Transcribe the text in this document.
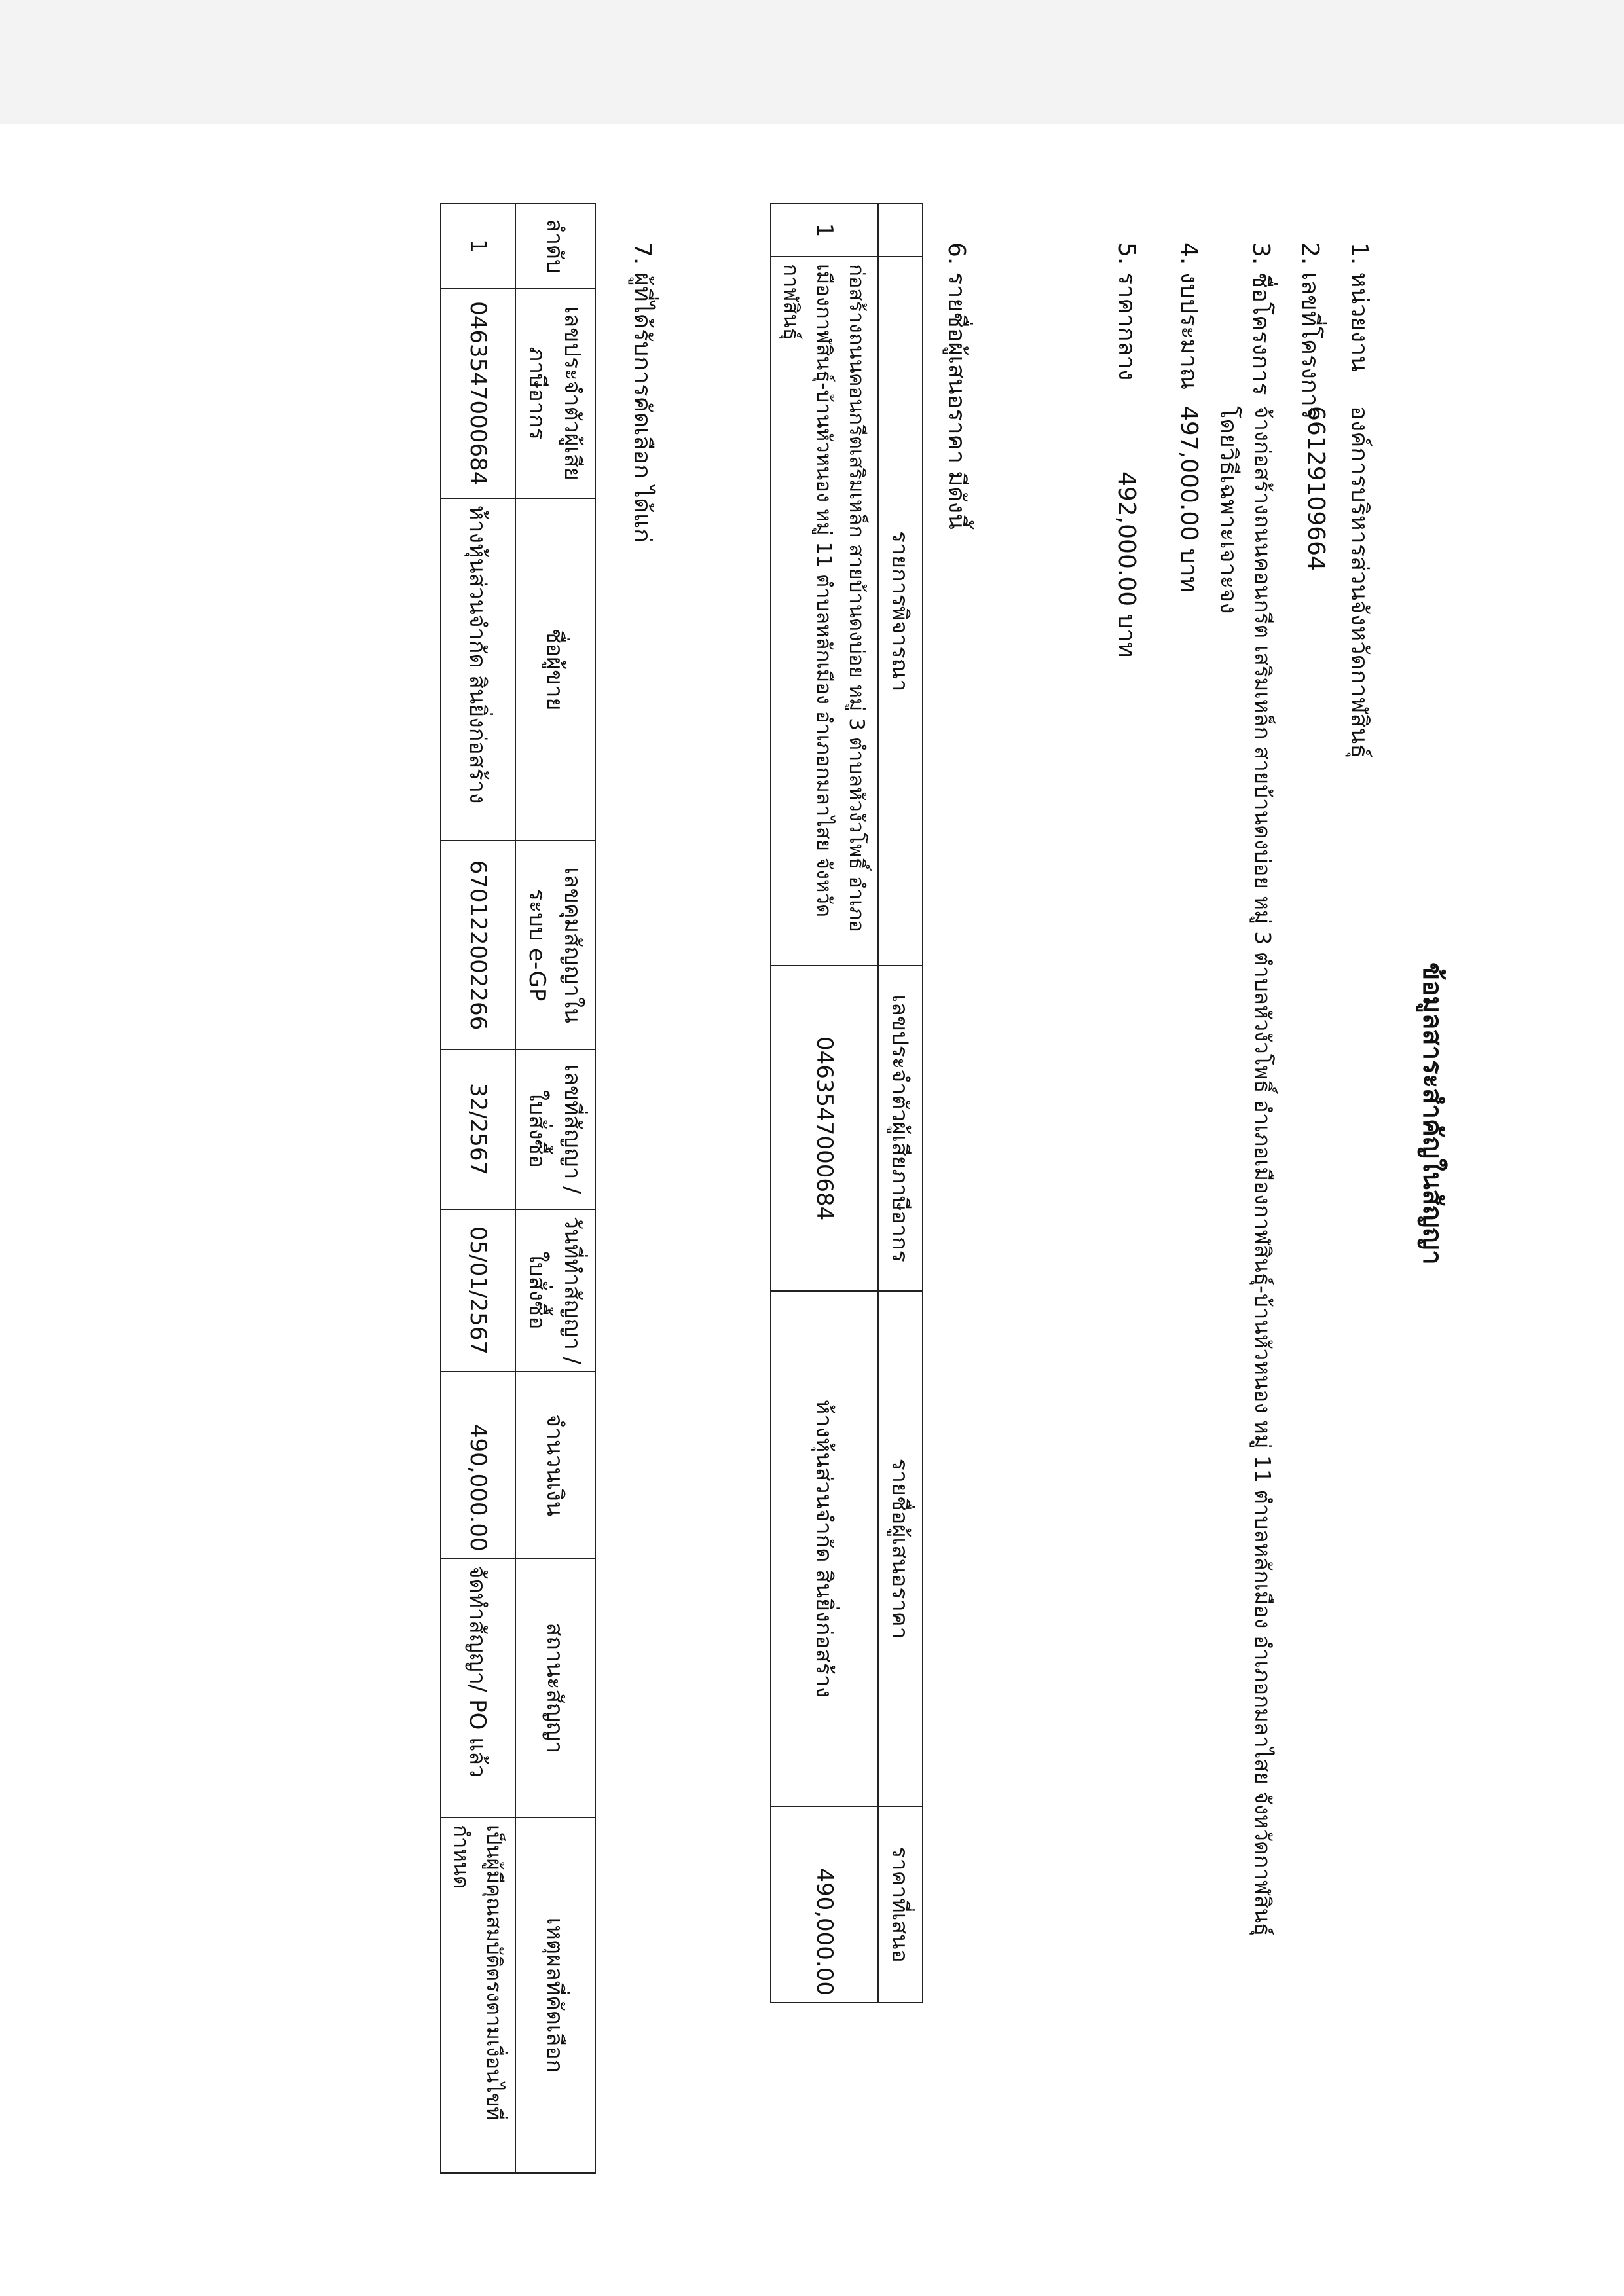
ข้อมูลสาระสำคัญในสัญญา
1. หน่วยงาน
องค์การบริหารส่วนจังหวัดกาฬสินธุ์
2. เลขที่โครงการ
66129109664
3. ชื่อโครงการ
จ้างก่อสร้างถนนคอนกรีต เสริมเหล็ก สายบ้านดงบ่อย หมู่ 3 ตำบลหัวงัวโพธิ์ อำเภอเมืองกาฬสินธุ์-บ้านหัวหนอง หมู่ 11 ตำบลหลักเมือง อำเภอกมลาไสย จังหวัดกาฬสินธุ์
โดยวิธีเฉพาะเจาะจง
4. งบประมาณ
497,000.00 บาท
5. ราคากลาง
492,000.00 บาท
6. รายชื่อผู้เสนอราคา มีดังนี้
	รายการพิจารณา	เลขประจำตัวผู้เสียภาษีอากร	รายชื่อผู้เสนอราคา	ราคาที่เสนอ
1	ก่อสร้างถนนคอนกรีตเสริมเหล็ก สายบ้านดงบ่อย หมู่ 3 ตำบลหัวงัวโพธิ์ อำเภอเมืองกาฬสินธุ์-บ้านหัวหนอง หมู่ 11 ตำบลหลักเมือง อำเภอกมลาไสย จังหวัดกาฬสินธุ์	0463547000684	ห้างหุ้นส่วนจำกัด สินยิ่งก่อสร้าง	490,000.00
7. ผู้ที่ได้รับการคัดเลือก ได้แก่
ลำดับ	เลขประจำตัวผู้เสียภาษีอากร	ชื่อผู้ขาย	เลขคุมสัญญาในระบบ e-GP	เลขที่สัญญา / ใบสั่งซื้อ	วันที่ทำสัญญา / ใบสั่งซื้อ	จำนวนเงิน	สถานะสัญญา	เหตุผลที่คัดเลือก
1	0463547000684	ห้างหุ้นส่วนจำกัด สินยิ่งก่อสร้าง	670122002266	32/2567	05/01/2567	490,000.00	จัดทำสัญญา/ PO แล้ว	เป็นผู้มีคุณสมบัติตรงตามเงื่อนไขที่กำหนด
